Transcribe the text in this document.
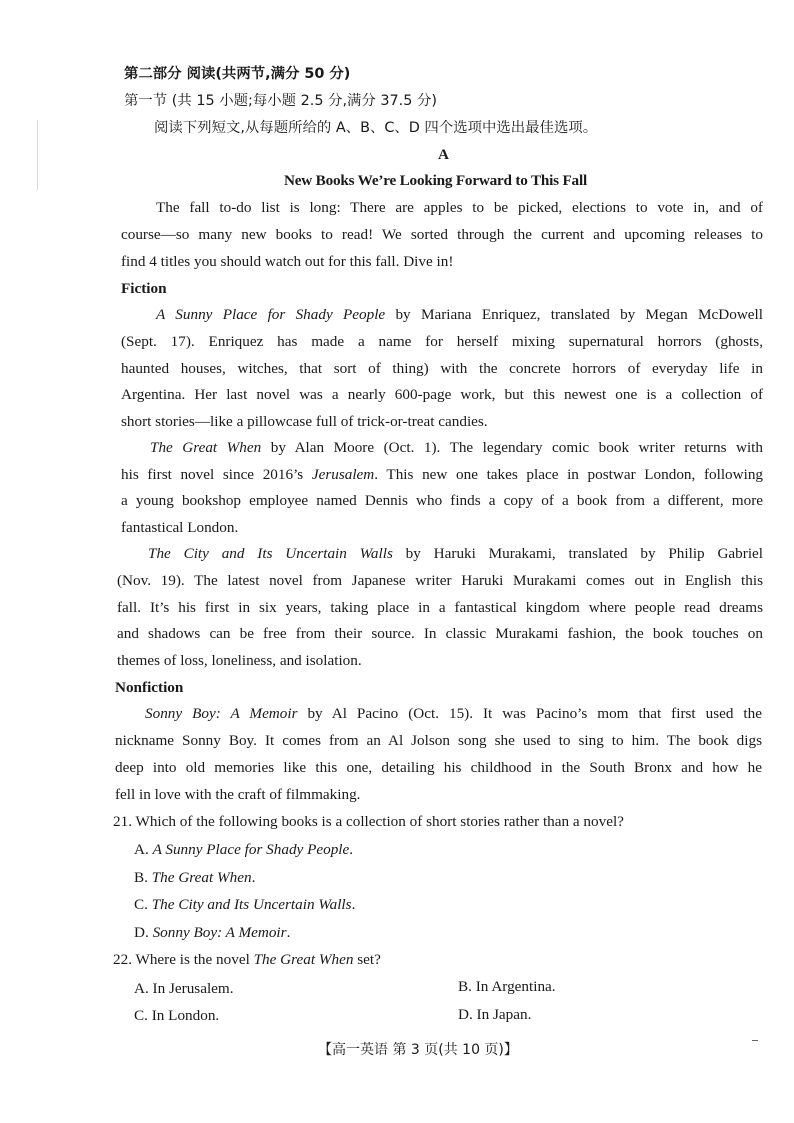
第二部分 阅读(共两节,满分 50 分)
第一节 (共 15 小题;每小题 2.5 分,满分 37.5 分)
阅读下列短文,从每题所给的 A、B、C、D 四个选项中选出最佳选项。
A
New Books We’re Looking Forward to This Fall
The fall to-do list is long: There are apples to be picked, elections to vote in, and of
course—so many new books to read! We sorted through the current and upcoming releases to
find 4 titles you should watch out for this fall. Dive in!
Fiction
A Sunny Place for Shady People by Mariana Enriquez, translated by Megan McDowell
(Sept. 17). Enriquez has made a name for herself mixing supernatural horrors (ghosts,
haunted houses, witches, that sort of thing) with the concrete horrors of everyday life in
Argentina. Her last novel was a nearly 600-page work, but this newest one is a collection of
short stories—like a pillowcase full of trick-or-treat candies.
The Great When by Alan Moore (Oct. 1). The legendary comic book writer returns with
his first novel since 2016’s Jerusalem. This new one takes place in postwar London, following
a young bookshop employee named Dennis who finds a copy of a book from a different, more
fantastical London.
The City and Its Uncertain Walls by Haruki Murakami, translated by Philip Gabriel
(Nov. 19). The latest novel from Japanese writer Haruki Murakami comes out in English this
fall. It’s his first in six years, taking place in a fantastical kingdom where people read dreams
and shadows can be free from their source. In classic Murakami fashion, the book touches on
themes of loss, loneliness, and isolation.
Nonfiction
Sonny Boy: A Memoir by Al Pacino (Oct. 15). It was Pacino’s mom that first used the
nickname Sonny Boy. It comes from an Al Jolson song she used to sing to him. The book digs
deep into old memories like this one, detailing his childhood in the South Bronx and how he
fell in love with the craft of filmmaking.
21. Which of the following books is a collection of short stories rather than a novel?
A. A Sunny Place for Shady People.
B. The Great When.
C. The City and Its Uncertain Walls.
D. Sonny Boy: A Memoir.
22. Where is the novel The Great When set?
A. In Jerusalem.	B. In Argentina.
C. In London.	D. In Japan.
【高一英语 第 3 页(共 10 页)】
